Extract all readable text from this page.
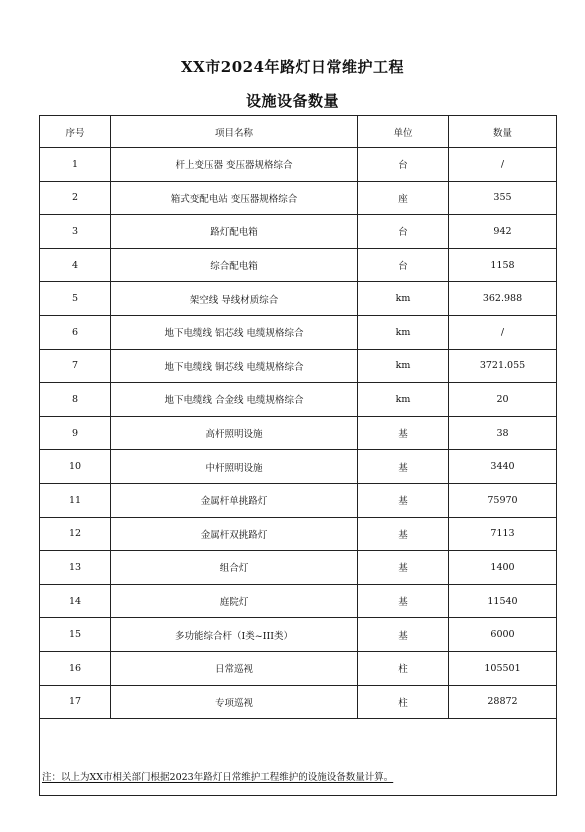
XX市2024年路灯日常维护工程
设施设备数量
序号	项目名称	单位	数量
1	杆上变压器 变压器规格综合	台	/
2	箱式变配电站 变压器规格综合	座	355
3	路灯配电箱	台	942
4	综合配电箱	台	1158
5	架空线 导线材质综合	km	362.988
6	地下电缆线 铝芯线 电缆规格综合	km	/
7	地下电缆线 铜芯线 电缆规格综合	km	3721.055
8	地下电缆线 合金线 电缆规格综合	km	20
9	高杆照明设施	基	38
10	中杆照明设施	基	3440
11	金属杆单挑路灯	基	75970
12	金属杆双挑路灯	基	7113
13	组合灯	基	1400
14	庭院灯	基	11540
15	多功能综合杆（I类~III类）	基	6000
16	日常巡视	柱	105501
17	专项巡视	柱	28872
注：以上为XX市相关部门根据2023年路灯日常维护工程维护的设施设备数量计算。			
